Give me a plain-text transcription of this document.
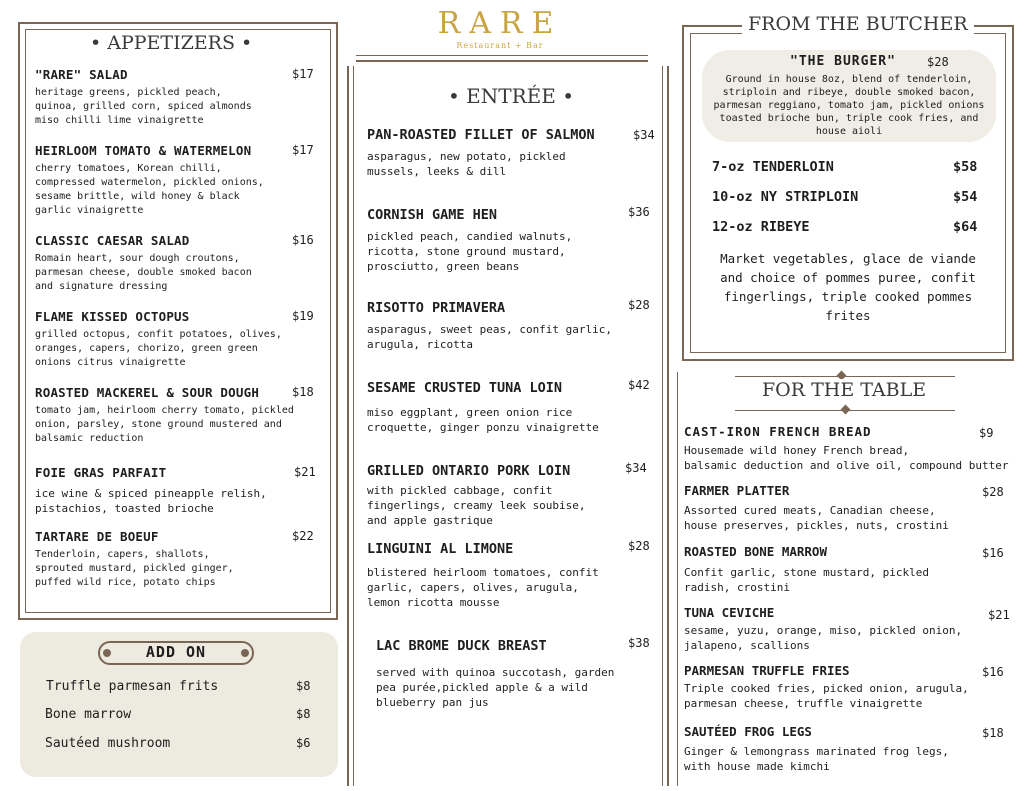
RARE
Restaurant + Bar
• APPETIZERS •
"RARE" SALAD	$17
heritage greens, pickled peach,
quinoa, grilled corn, spiced almonds
miso chilli lime vinaigrette
HEIRLOOM TOMATO & WATERMELON	$17
cherry tomatoes, Korean chilli,
compressed watermelon, pickled onions,
sesame brittle, wild honey & black
garlic vinaigrette
CLASSIC CAESAR SALAD	$16
Romain heart, sour dough croutons,
parmesan cheese, double smoked bacon
and signature dressing
FLAME KISSED OCTOPUS	$19
grilled octopus, confit potatoes, olives,
oranges, capers, chorizo, green green
onions citrus vinaigrette
ROASTED MACKEREL & SOUR DOUGH	$18
tomato jam, heirloom cherry tomato, pickled
onion, parsley, stone ground mustered and
balsamic reduction
FOIE GRAS PARFAIT	$21
ice wine & spiced pineapple relish,
pistachios, toasted brioche
TARTARE DE BOEUF	$22
Tenderloin, capers, shallots,
sprouted mustard, pickled ginger,
puffed wild rice, potato chips
ADD ON
Truffle parmesan frits	$8
Bone marrow	$8
Sautéed mushroom	$6
• ENTRÉE •
PAN-ROASTED FILLET OF SALMON	$34
asparagus, new potato, pickled
mussels, leeks & dill
CORNISH GAME HEN	$36
pickled peach, candied walnuts,
ricotta, stone ground mustard,
prosciutto, green beans
RISOTTO PRIMAVERA	$28
asparagus, sweet peas, confit garlic,
arugula, ricotta
SESAME CRUSTED TUNA LOIN	$42
miso eggplant, green onion rice
croquette, ginger ponzu vinaigrette
GRILLED ONTARIO PORK LOIN	$34
with pickled cabbage, confit
fingerlings, creamy leek soubise,
and apple gastrique
LINGUINI AL LIMONE	$28
blistered heirloom tomatoes, confit
garlic, capers, olives, arugula,
lemon ricotta mousse
LAC BROME DUCK BREAST	$38
served with quinoa succotash, garden
pea purée,pickled apple & a wild
blueberry pan jus
FROM THE BUTCHER
"THE BURGER"	$28
Ground in house 8oz, blend of tenderloin,
striploin and ribeye, double smoked bacon,
parmesan reggiano, tomato jam, pickled onions
toasted brioche bun, triple cook fries, and
house aioli
7-oz TENDERLOIN	$58
10-oz NY STRIPLOIN	$54
12-oz RIBEYE	$64
Market vegetables, glace de viande
and choice of pommes puree, confit
fingerlings, triple cooked pommes
frites
FOR THE TABLE
CAST-IRON FRENCH BREAD	$9
Housemade wild honey French bread,
balsamic deduction and olive oil, compound butter
FARMER PLATTER	$28
Assorted cured meats, Canadian cheese,
house preserves, pickles, nuts, crostini
ROASTED BONE MARROW	$16
Confit garlic, stone mustard, pickled
radish, crostini
TUNA CEVICHE	$21
sesame, yuzu, orange, miso, pickled onion,
jalapeno, scallions
PARMESAN TRUFFLE FRIES	$16
Triple cooked fries, picked onion, arugula,
parmesan cheese, truffle vinaigrette
SAUTÉED FROG LEGS	$18
Ginger & lemongrass marinated frog legs,
with house made kimchi
